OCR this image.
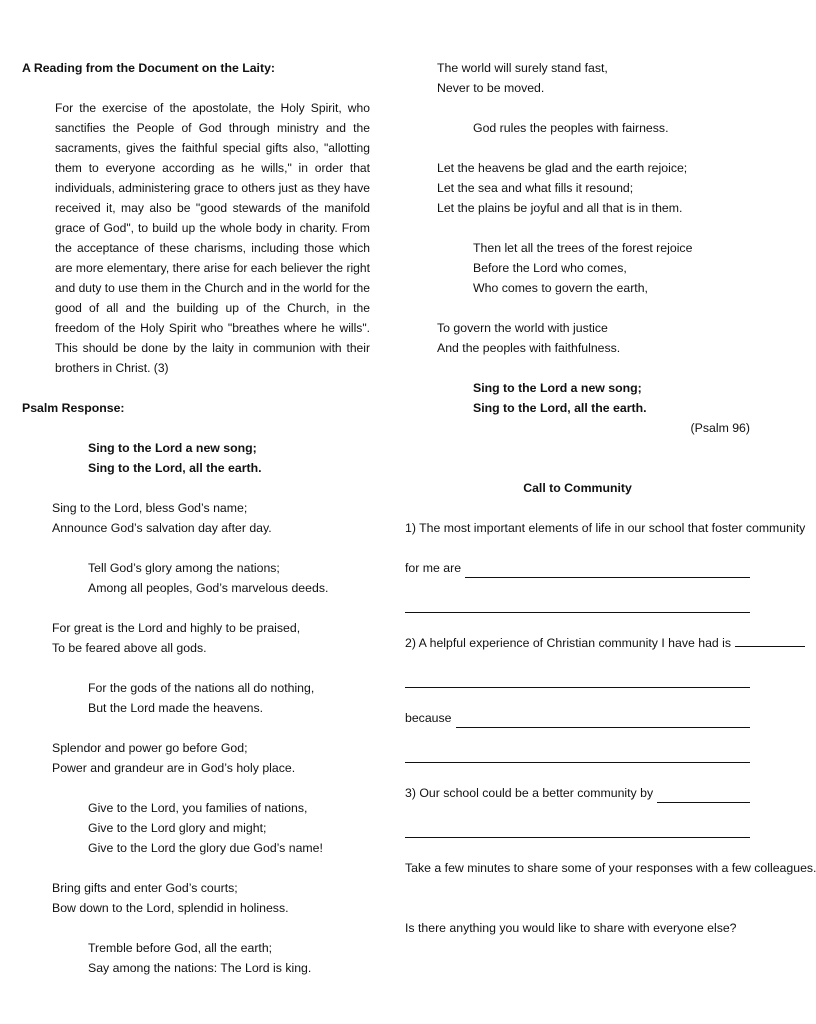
A Reading from the Document on the Laity:
For the exercise of the apostolate, the Holy Spirit, who sanctifies the People of God through ministry and the sacraments, gives the faithful special gifts also, "allotting them to everyone according as he wills," in order that individuals, administering grace to others just as they have received it, may also be "good stewards of the manifold grace of God", to build up the whole body in charity. From the acceptance of these charisms, including those which are more elementary, there arise for each believer the right and duty to use them in the Church and in the world for the good of all and the building up of the Church, in the freedom of the Holy Spirit who "breathes where he wills". This should be done by the laity in communion with their brothers in Christ. (3)
Psalm Response:
Sing to the Lord a new song;
Sing to the Lord, all the earth.
Sing to the Lord, bless God’s name;
Announce God’s salvation day after day.
Tell God’s glory among the nations;
Among all peoples, God’s marvelous deeds.
For great is the Lord and highly to be praised,
To be feared above all gods.
For the gods of the nations all do nothing,
But the Lord made the heavens.
Splendor and power go before God;
Power and grandeur are in God’s holy place.
Give to the Lord, you families of nations,
Give to the Lord glory and might;
Give to the Lord the glory due God’s name!
Bring gifts and enter God’s courts;
Bow down to the Lord, splendid in holiness.
Tremble before God, all the earth;
Say among the nations: The Lord is king.
The world will surely stand fast,
Never to be moved.
God rules the peoples with fairness.
Let the heavens be glad and the earth rejoice;
Let the sea and what fills it resound;
Let the plains be joyful and all that is in them.
Then let all the trees of the forest rejoice
Before the Lord who comes,
Who comes to govern the earth,
To govern the world with justice
And the peoples with faithfulness.
Sing to the Lord a new song;
Sing to the Lord, all the earth.
(Psalm 96)
Call to Community
1) The most important elements of life in our school that foster community
for me are
2) A helpful experience of Christian community I have had is
because
3) Our school could be a better community by
Take a few minutes to share some of your responses with a few colleagues.
Is there anything you would like to share with everyone else?
